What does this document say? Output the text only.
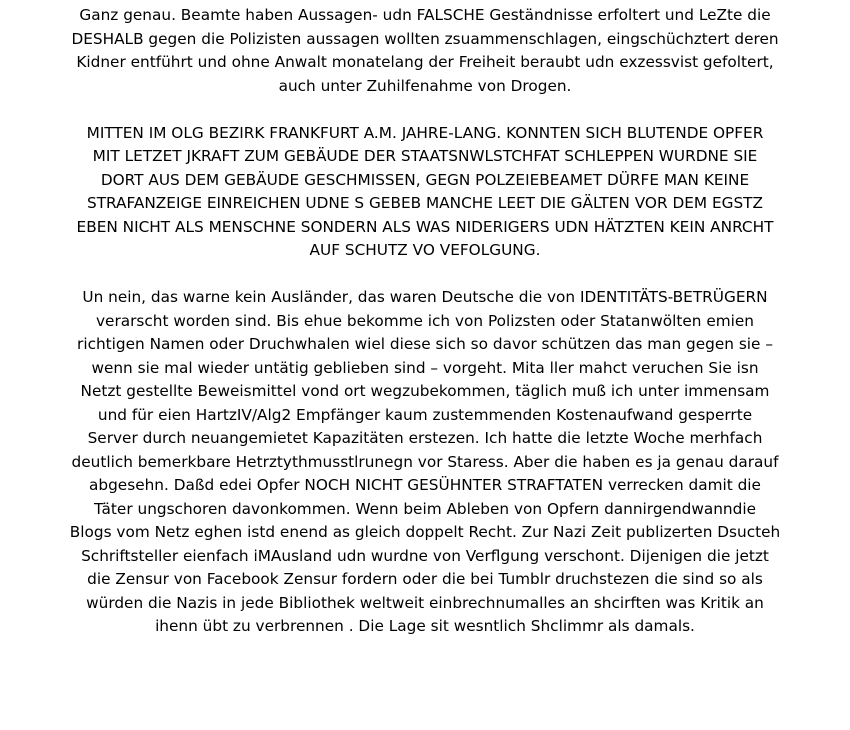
Ganz genau. Beamte haben Aussagen- udn FALSCHE Geständnisse erfoltert und LeZte die
DESHALB gegen die Polizisten aussagen wollten zsuammenschlagen, eingschüchztert deren
Kidner entführt und ohne Anwalt monatelang der Freiheit beraubt udn exzessvist gefoltert,
auch unter Zuhilfenahme von Drogen.

MITTEN IM OLG BEZIRK FRANKFURT A.M. JAHRE-LANG. KONNTEN SICH BLUTENDE OPFER
MIT LETZET JKRAFT ZUM GEBÄUDE DER STAATSNWLSTCHFAT SCHLEPPEN WURDNE SIE
DORT AUS DEM GEBÄUDE GESCHMISSEN, GEGN POLZEIEBEAMET DÜRFE MAN KEINE
STRAFANZEIGE EINREICHEN UDNE S GEBEB MANCHE LEET DIE GÄLTEN VOR DEM EGSTZ
EBEN NICHT ALS MENSCHNE SONDERN ALS WAS NIDERIGERS UDN HÄTZTEN KEIN ANRCHT
AUF SCHUTZ VO VEFOLGUNG.

Un nein, das warne kein Ausländer, das waren Deutsche die von IDENTITÄTS-BETRÜGERN
verarscht worden sind. Bis ehue bekomme ich von Polizsten oder Statanwölten emien
richtigen Namen oder Druchwhalen wiel diese sich so davor schützen das man gegen sie –
wenn sie mal wieder untätig geblieben sind – vorgeht. Mita ller mahct veruchen Sie isn
Netzt gestellte Beweismittel vond ort wegzubekommen, täglich muß ich unter immensam
und für eien HartzIV/Alg2 Empfänger kaum zustemmenden Kostenaufwand gesperrte
Server durch neuangemietet Kapazitäten erstezen. Ich hatte die letzte Woche merhfach
deutlich bemerkbare Hetrztythmusstlrunegn vor Staress. Aber die haben es ja genau darauf
abgesehn. Daßd edei Opfer NOCH NICHT GESÜHNTER STRAFTATEN verrecken damit die
Täter ungschoren davonkommen. Wenn beim Ableben von Opfern dannirgendwanndie
Blogs vom Netz eghen istd enend as gleich doppelt Recht. Zur Nazi Zeit publizerten Dsucteh
Schriftsteller eienfach iMAusland udn wurdne von Verflgung verschont. Dijenigen die jetzt
die Zensur von Facebook Zensur fordern oder die bei Tumblr druchstezen die sind so als
würden die Nazis in jede Bibliothek weltweit einbrechnumalles an shcirften was Kritik an
ihenn übt zu verbrennen . Die Lage sit wesntlich Shclimmr als damals.
